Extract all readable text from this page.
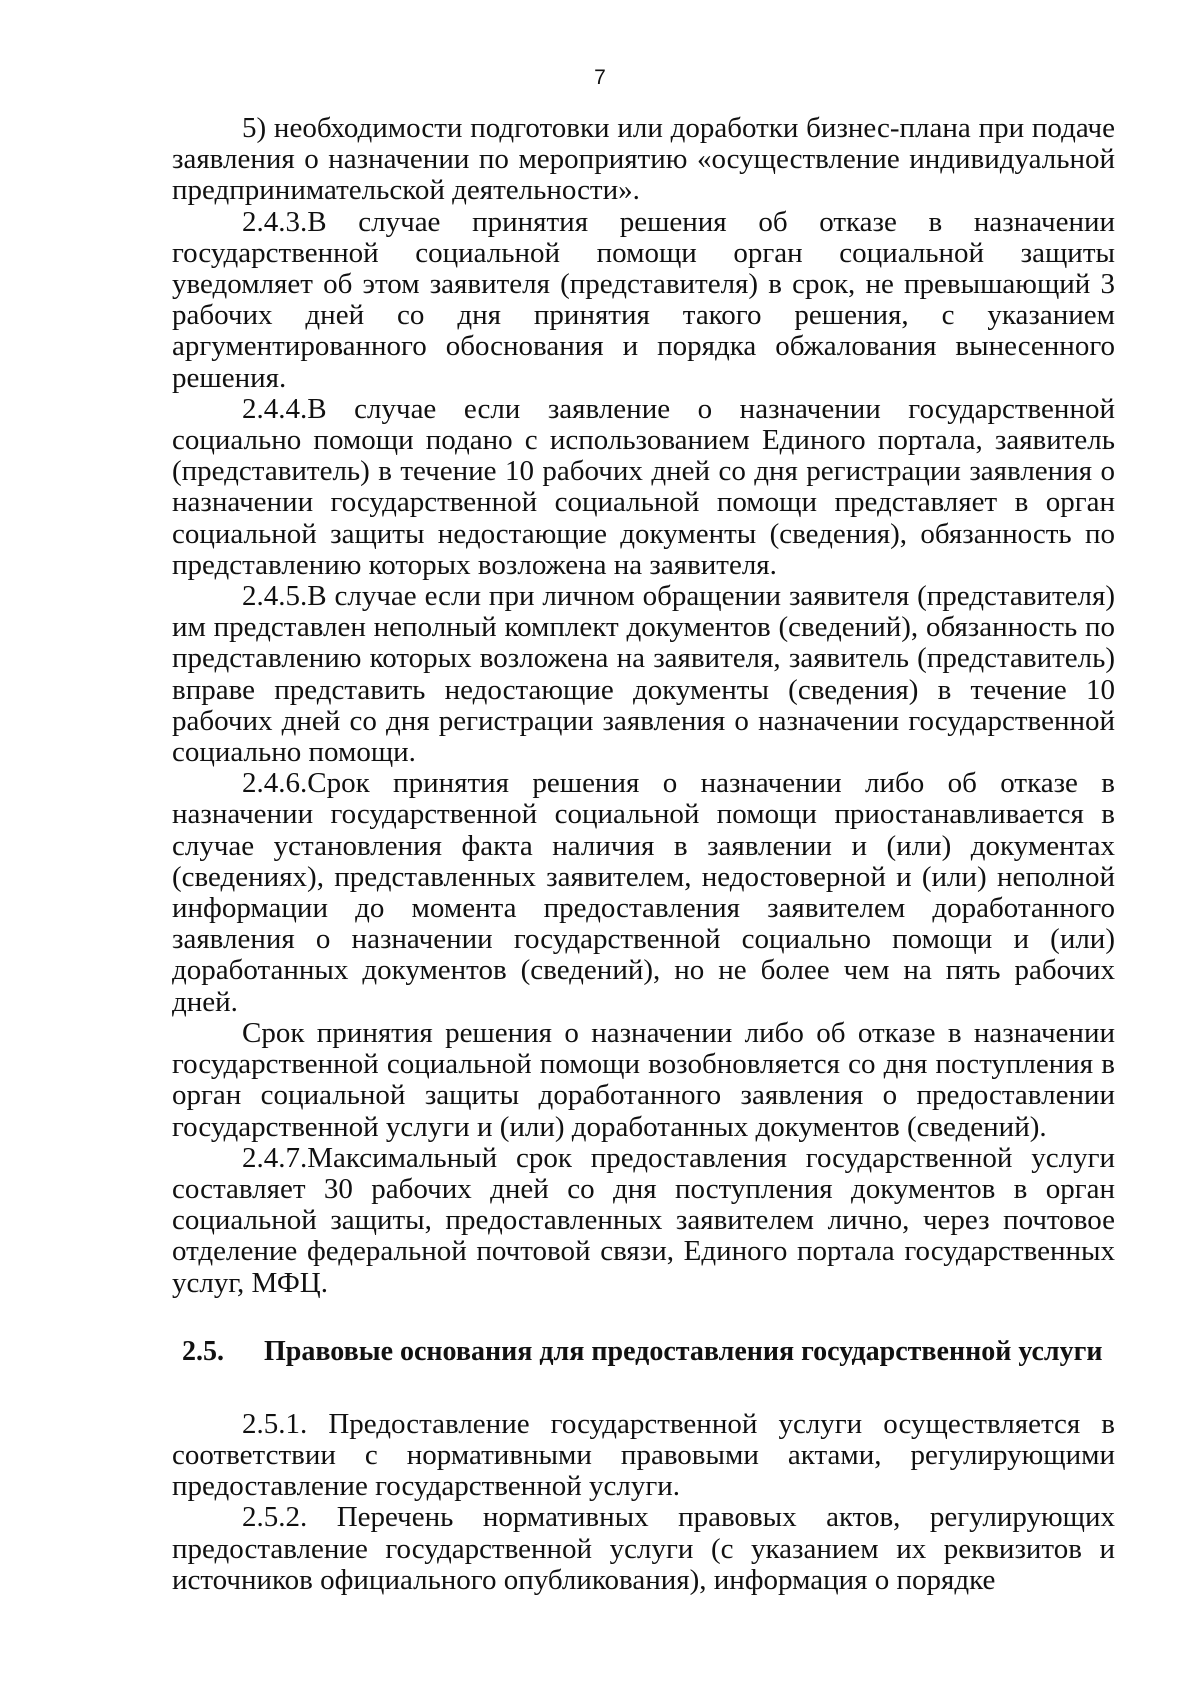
7

5) необходимости подготовки или доработки бизнес-плана при подаче заявления о назначении по мероприятию «осуществление индивидуальной предпринимательской деятельности».

2.4.3.В случае принятия решения об отказе в назначении государственной социальной помощи орган социальной защиты уведомляет об этом заявителя (представителя) в срок, не превышающий 3 рабочих дней со дня принятия такого решения, с указанием аргументированного обоснования и порядка обжалования вынесенного решения.

2.4.4.В случае если заявление о назначении государственной социально помощи подано с использованием Единого портала, заявитель (представитель) в течение 10 рабочих дней со дня регистрации заявления о назначении государственной социальной помощи представляет в орган социальной защиты недостающие документы (сведения), обязанность по представлению которых возложена на заявителя.

2.4.5.В случае если при личном обращении заявителя (представителя) им представлен неполный комплект документов (сведений), обязанность по представлению которых возложена на заявителя, заявитель (представитель) вправе представить недостающие документы (сведения) в течение 10 рабочих дней со дня регистрации заявления о назначении государственной социально помощи.

2.4.6.Срок принятия решения о назначении либо об отказе в назначении государственной социальной помощи приостанавливается в случае установления факта наличия в заявлении и (или) документах (сведениях), представленных заявителем, недостоверной и (или) неполной информации до момента предоставления заявителем доработанного заявления о назначении государственной социально помощи и (или) доработанных документов (сведений), но не более чем на пять рабочих дней.

Срок принятия решения о назначении либо об отказе в назначении государственной социальной помощи возобновляется со дня поступления в орган социальной защиты доработанного заявления о предоставлении государственной услуги и (или) доработанных документов (сведений).

2.4.7.Максимальный срок предоставления государственной услуги составляет 30 рабочих дней со дня поступления документов в орган социальной защиты, предоставленных заявителем лично, через почтовое отделение федеральной почтовой связи, Единого портала государственных услуг, МФЦ.

2.5.	Правовые основания для предоставления государственной услуги

2.5.1. Предоставление государственной услуги осуществляется в соответствии с нормативными правовыми актами, регулирующими предоставление государственной услуги.

2.5.2. Перечень нормативных правовых актов, регулирующих предоставление государственной услуги (с указанием их реквизитов и источников официального опубликования), информация о порядке
